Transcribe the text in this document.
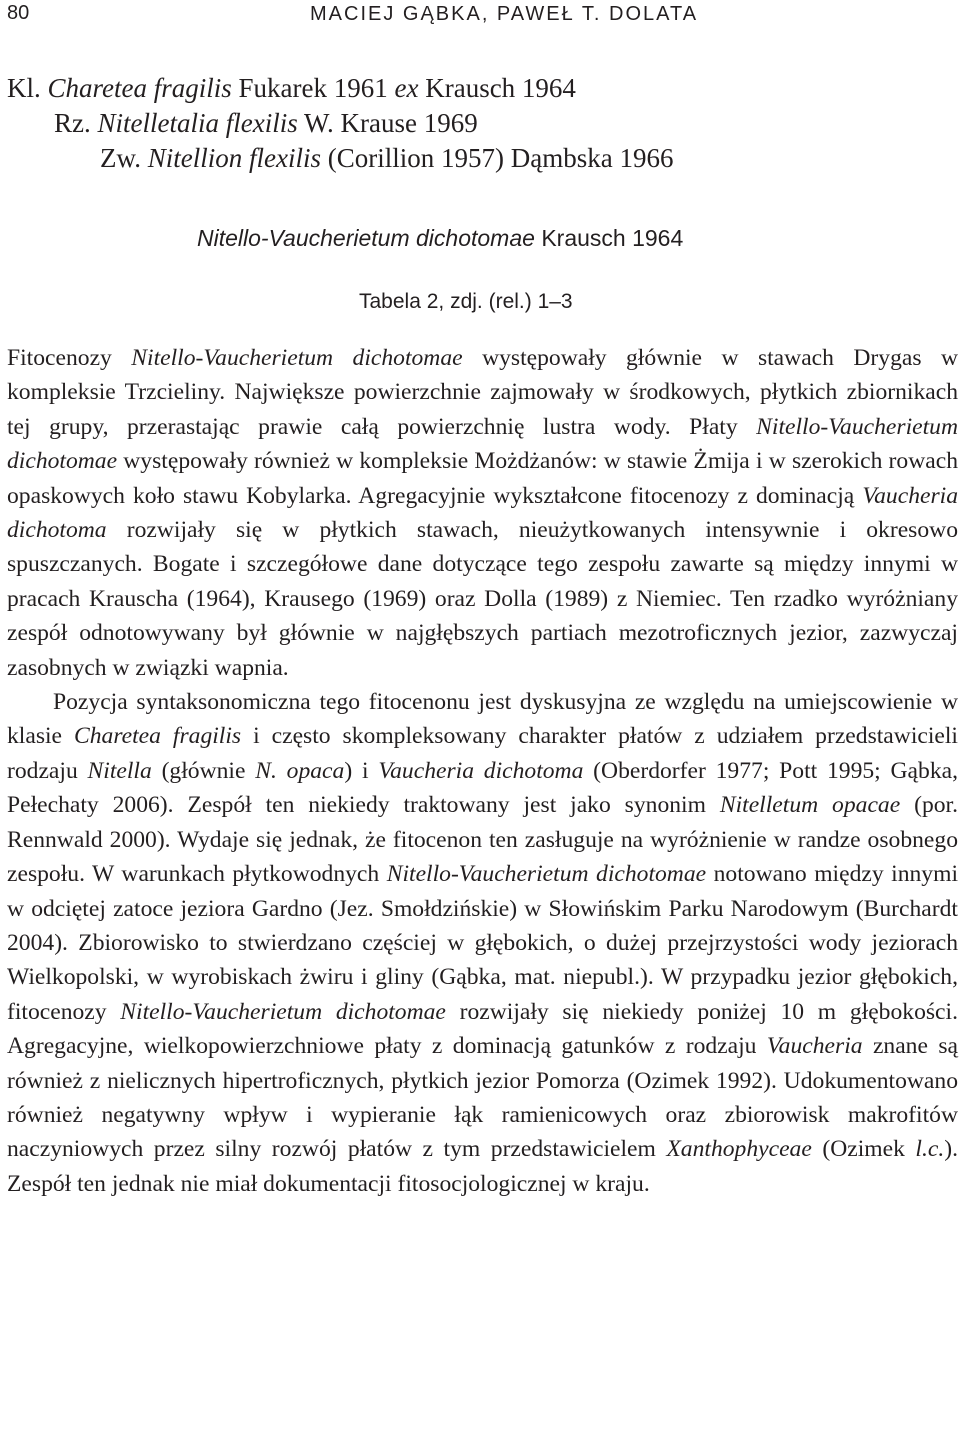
80	MACIEJ GĄBKA, PAWEŁ T. DOLATA
Kl. Charetea fragilis Fukarek 1961 ex Krausch 1964
Rz. Nitelletalia flexilis W. Krause 1969
Zw. Nitellion flexilis (Corillion 1957) Dąmbska 1966
Nitello-Vaucherietum dichotomae Krausch 1964
Tabela 2, zdj. (rel.) 1–3

Fitocenozy Nitello-Vaucherietum dichotomae występowały głównie w stawach Drygas w kompleksie Trzcieliny. Największe powierzchnie zajmowały w środkowych, płytkich zbiornikach tej grupy, przerastając prawie całą powierzchnię lustra wody. Płaty Nitello-Vaucherietum dichotomae występowały również w kompleksie Możdżanów: w stawie Żmija i w szerokich rowach opaskowych koło stawu Kobylarka. Agregacyjnie wykształcone fitocenozy z dominacją Vaucheria dichotoma rozwijały się w płytkich stawach, nieużytkowanych intensywnie i okresowo spuszczanych. Bogate i szczegółowe dane dotyczące tego zespołu zawarte są między innymi w pracach Krauscha (1964), Krausego (1969) oraz Dolla (1989) z Niemiec. Ten rzadko wyróżniany zespół odnotowywany był głównie w najgłębszych partiach mezotroficznych jezior, zazwyczaj zasobnych w związki wapnia.

Pozycja syntaksonomiczna tego fitocenonu jest dyskusyjna ze względu na umiejscowienie w klasie Charetea fragilis i często skompleksowany charakter płatów z udziałem przedstawicieli rodzaju Nitella (głównie N. opaca) i Vaucheria dichotoma (Oberdorfer 1977; Pott 1995; Gąbka, Pełechaty 2006). Zespół ten niekiedy traktowany jest jako synonim Nitelletum opacae (por. Rennwald 2000). Wydaje się jednak, że fitocenon ten zasługuje na wyróżnienie w randze osobnego zespołu. W warunkach płytkowodnych Nitello-Vaucherietum dichotomae notowano między innymi w odciętej zatoce jeziora Gardno (Jez. Smołdzińskie) w Słowińskim Parku Narodowym (Burchardt 2004). Zbiorowisko to stwierdzano częściej w głębokich, o dużej przejrzystości wody jeziorach Wielkopolski, w wyrobiskach żwiru i gliny (Gąbka, mat. niepubl.). W przypadku jezior głębokich, fitocenozy Nitello-Vaucherietum dichotomae rozwijały się niekiedy poniżej 10 m głębokości. Agregacyjne, wielkopowierzchniowe płaty z dominacją gatunków z rodzaju Vaucheria znane są również z nielicznych hipertroficznych, płytkich jezior Pomorza (Ozimek 1992). Udokumentowano również negatywny wpływ i wypieranie łąk ramienicowych oraz zbiorowisk makrofitów naczyniowych przez silny rozwój płatów z tym przedstawicielem Xanthophyceae (Ozimek l.c.). Zespół ten jednak nie miał dokumentacji fitosocjologicznej w kraju.
